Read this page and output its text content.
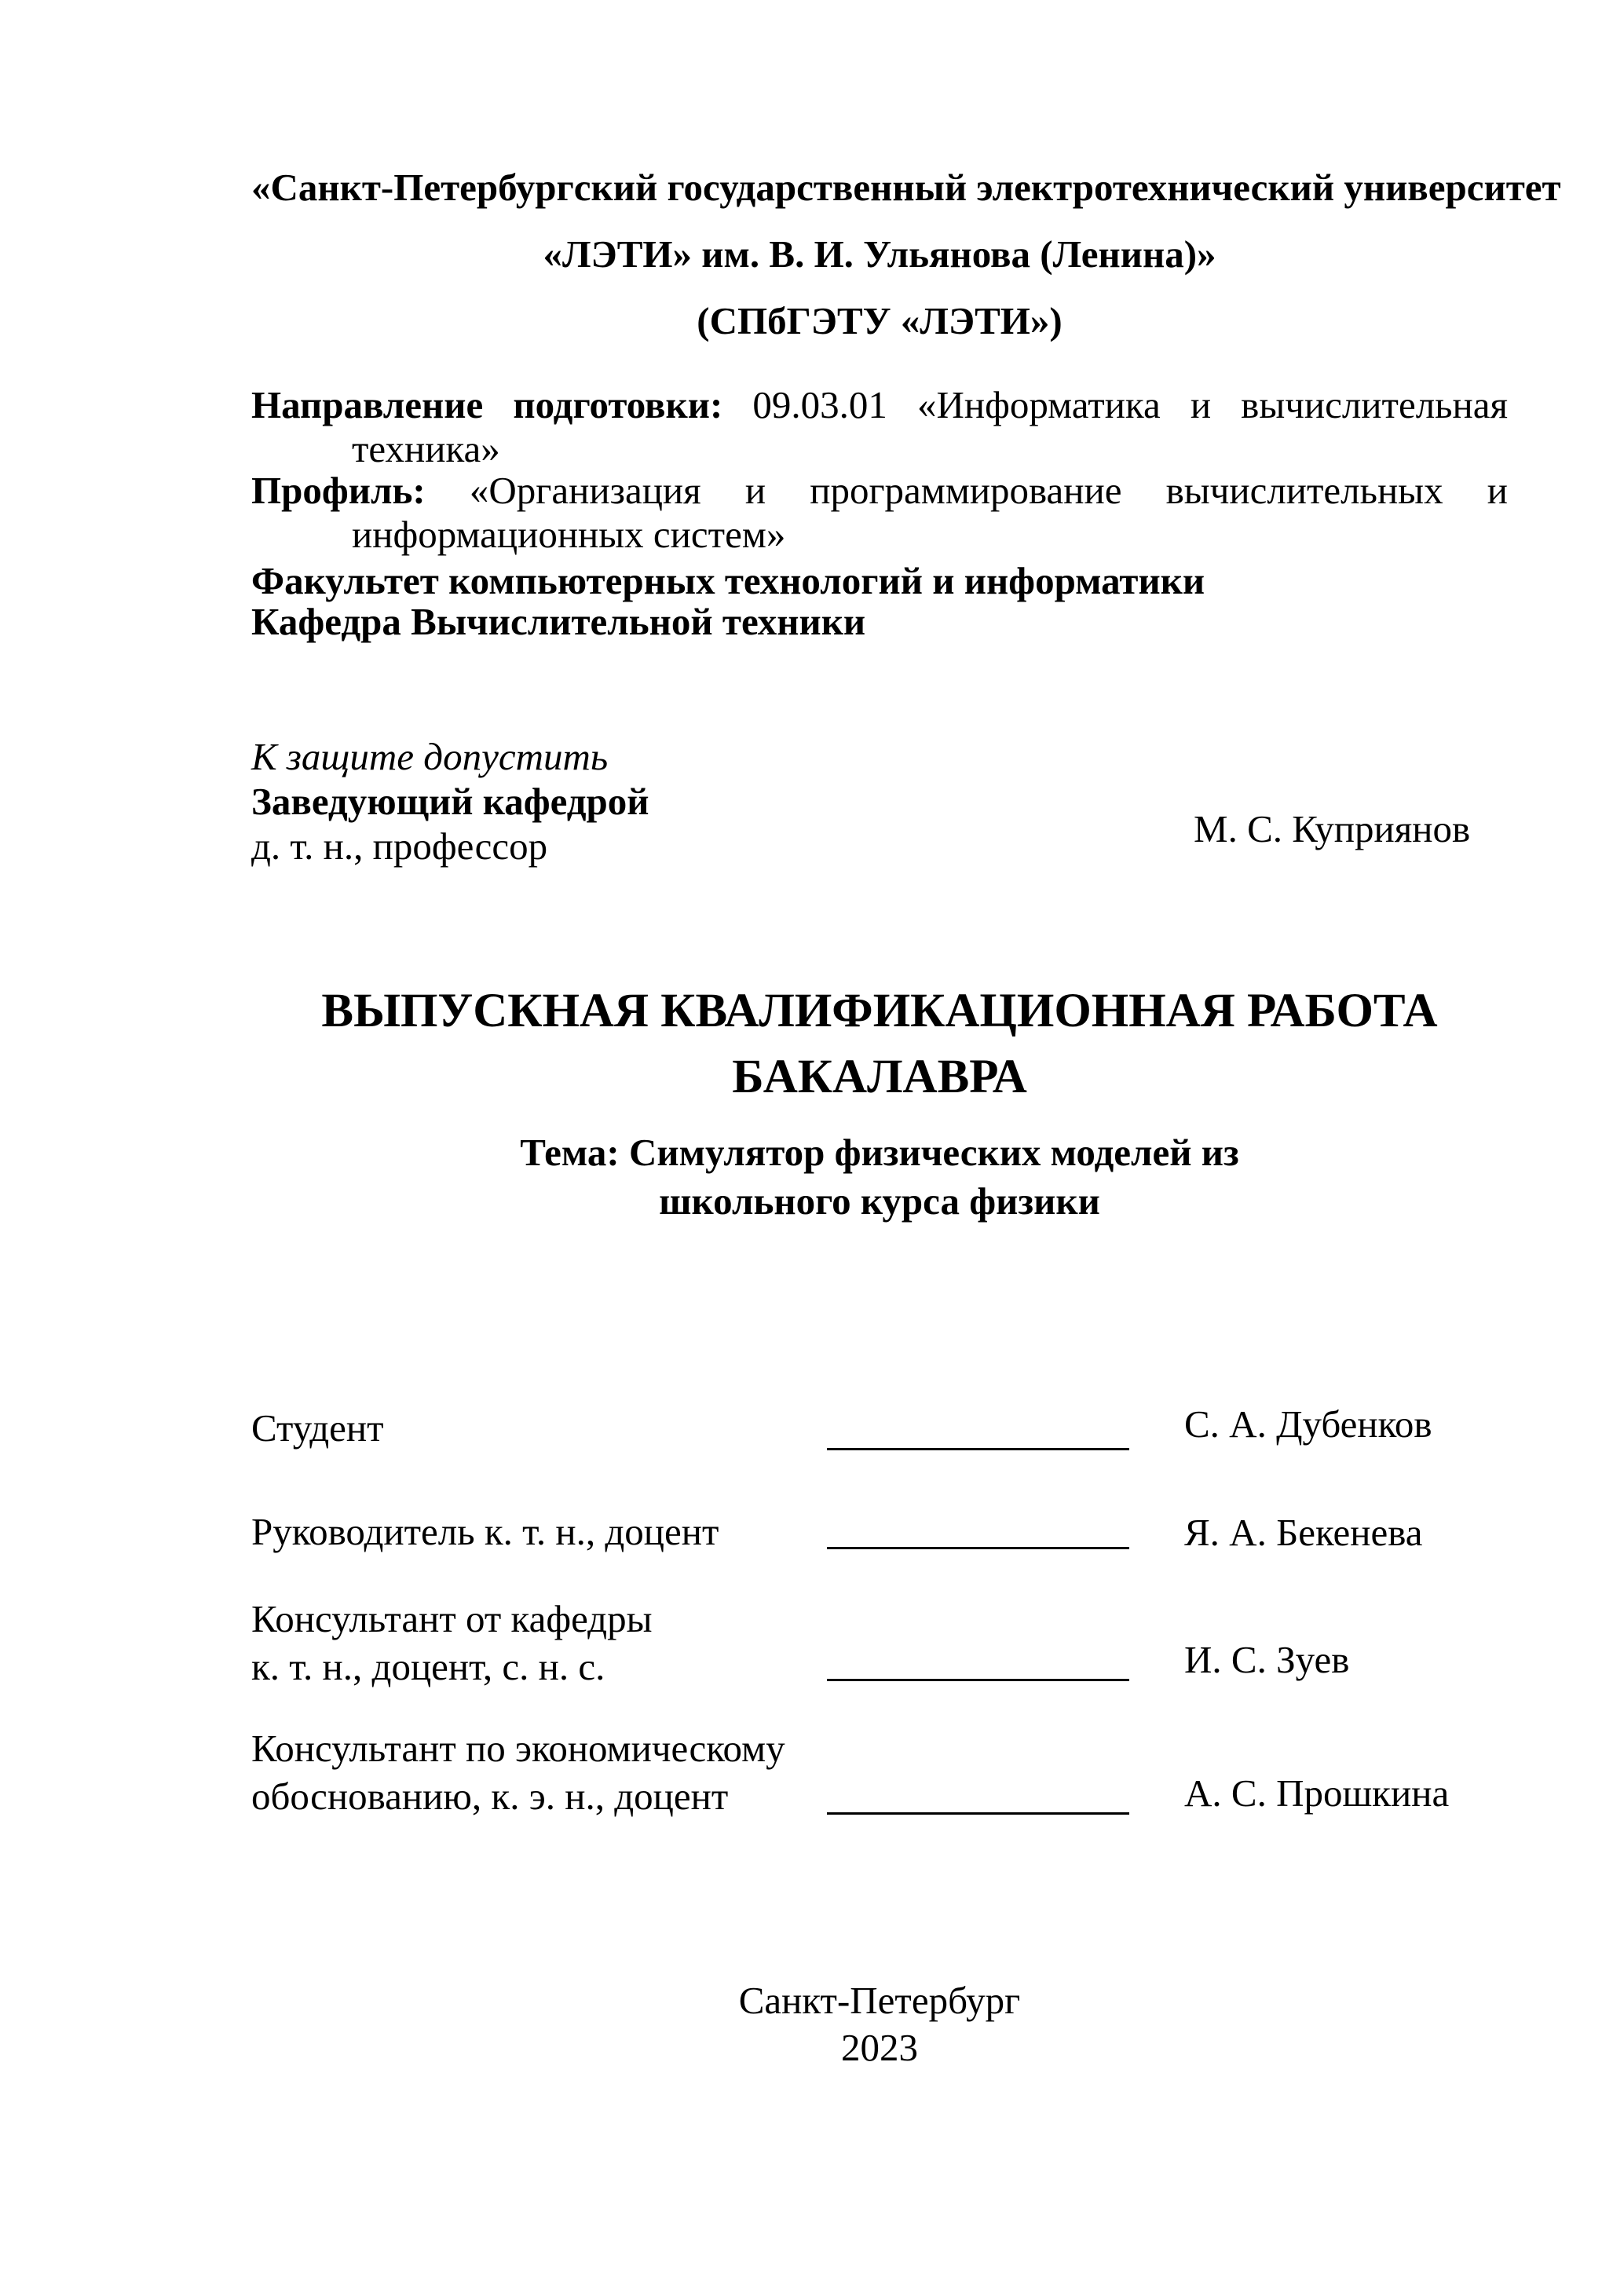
«Санкт-Петербургский государственный электротехнический университет
«ЛЭТИ» им. В. И. Ульянова (Ленина)»
(СПбГЭТУ «ЛЭТИ»)
Направление подготовки: 09.03.01 «Информатика и вычислительная
техника»
Профиль: «Организация и программирование вычислительных и
информационных систем»
Факультет компьютерных технологий и информатики
Кафедра Вычислительной техники
К защите допустить
Заведующий кафедрой
д. т. н., профессор	М. С. Куприянов
ВЫПУСКНАЯ КВАЛИФИКАЦИОННАЯ РАБОТА
БАКАЛАВРА
Тема: Симулятор физических моделей из
школьного курса физики
Студент	С. А. Дубенков
Руководитель к. т. н., доцент	Я. А. Бекенева
Консультант от кафедры
к. т. н., доцент, с. н. с.	И. С. Зуев
Консультант по экономическому
обоснованию, к. э. н., доцент	А. С. Прошкина
Санкт-Петербург
2023
